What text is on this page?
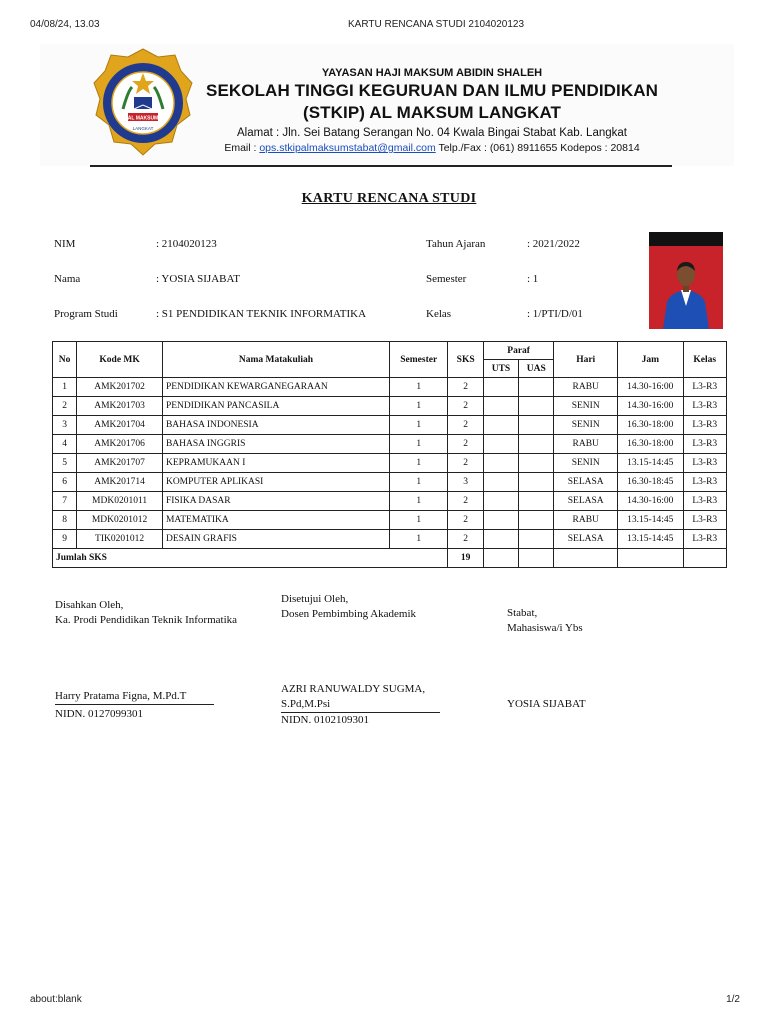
04/08/24, 13.03	KARTU RENCANA STUDI 2104020123
AL MAKSUM
LANGKAT
YAYASAN HAJI MAKSUM ABIDIN SHALEH
SEKOLAH TINGGI KEGURUAN DAN ILMU PENDIDIKAN
(STKIP) AL MAKSUM LANGKAT
Alamat : Jln. Sei Batang Serangan No. 04 Kwala Bingai Stabat Kab. Langkat
Email : ops.stkipalmaksumstabat@gmail.com Telp./Fax : (061) 8911655 Kodepos : 20814
KARTU RENCANA STUDI
NIM	: 2104020123
Nama	: YOSIA SIJABAT
Program Studi	: S1 PENDIDIKAN TEKNIK INFORMATIKA
Tahun Ajaran	: 2021/2022
Semester	: 1
Kelas	: 1/PTI/D/01
No	Kode MK	Nama Matakuliah	Semester	SKS	Paraf		Hari	Jam	Kelas
					UTS	UAS			
1	AMK201702	PENDIDIKAN KEWARGANEGARAAN	1	2			RABU	14.30-16:00	L3-R3
2	AMK201703	PENDIDIKAN PANCASILA	1	2			SENIN	14.30-16:00	L3-R3
3	AMK201704	BAHASA INDONESIA	1	2			SENIN	16.30-18:00	L3-R3
4	AMK201706	BAHASA INGGRIS	1	2			RABU	16.30-18:00	L3-R3
5	AMK201707	KEPRAMUKAAN I	1	2			SENIN	13.15-14:45	L3-R3
6	AMK201714	KOMPUTER APLIKASI	1	3			SELASA	16.30-18:45	L3-R3
7	MDK0201011	FISIKA DASAR	1	2			SELASA	14.30-16:00	L3-R3
8	MDK0201012	MATEMATIKA	1	2			RABU	13.15-14:45	L3-R3
9	TIK0201012	DESAIN GRAFIS	1	2			SELASA	13.15-14:45	L3-R3
Jumlah SKS				19					
Disahkan Oleh,
Ka. Prodi Pendidikan Teknik Informatika
Harry Pratama Figna, M.Pd.T
NIDN. 0127099301
Disetujui Oleh,
Dosen Pembimbing Akademik
AZRI RANUWALDY SUGMA,
S.Pd,M.Psi
NIDN. 0102109301
Stabat,
Mahasiswa/i Ybs
YOSIA SIJABAT
about:blank	1/2
